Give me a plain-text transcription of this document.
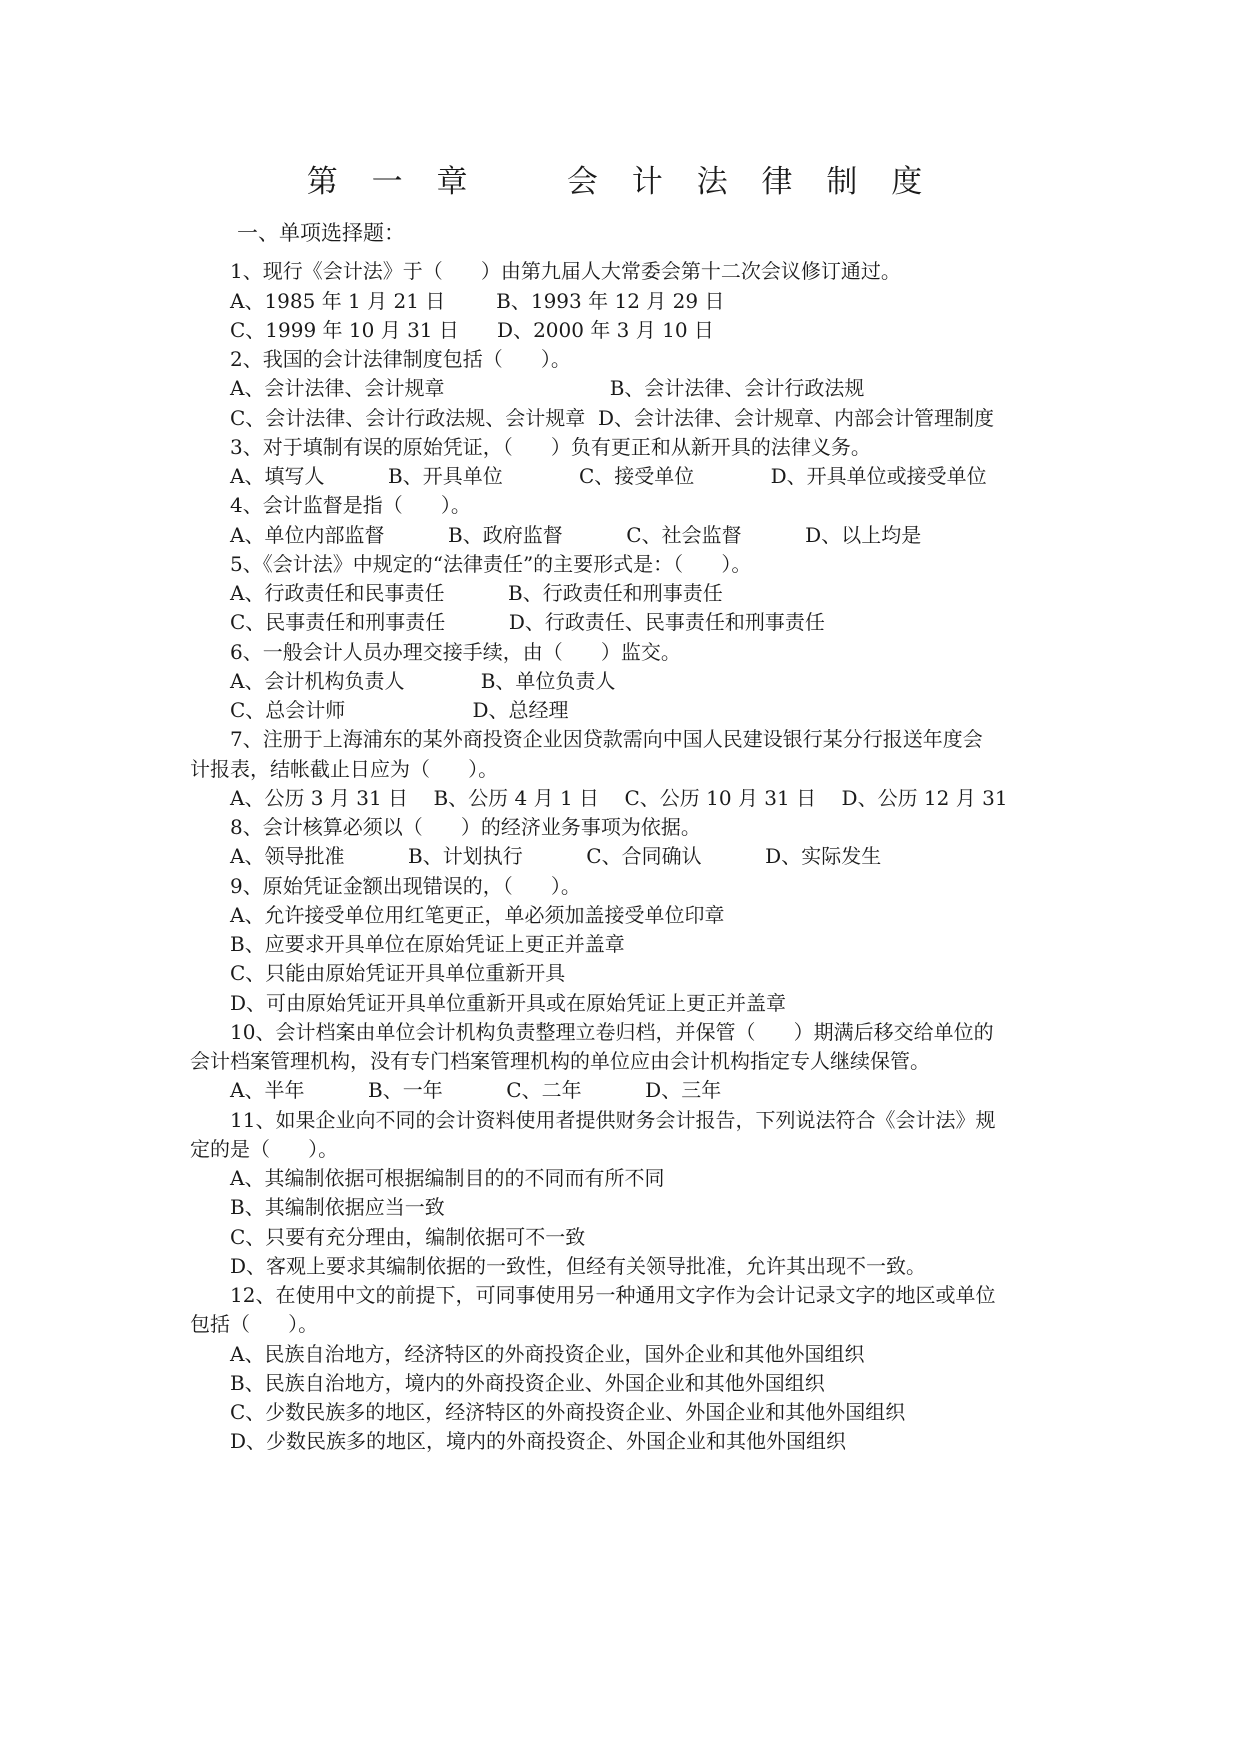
第 一 章    会 计 法 律 制 度
一、单项选择题：
1、现行《会计法》于（      ）由第九届人大常委会第十二次会议修订通过。
A、1985 年 1 月 21 日        B、1993 年 12 月 29 日
C、1999 年 10 月 31 日      D、2000 年 3 月 10 日
2、我国的会计法律制度包括（      ）。
A、会计法律、会计规章                          B、会计法律、会计行政法规
C、会计法律、会计行政法规、会计规章  D、会计法律、会计规章、内部会计管理制度
3、对于填制有误的原始凭证，（      ）负有更正和从新开具的法律义务。
A、填写人          B、开具单位            C、接受单位            D、开具单位或接受单位
4、会计监督是指（      ）。
A、单位内部监督          B、政府监督          C、社会监督          D、以上均是
5、《会计法》中规定的“法律责任”的主要形式是：（      ）。
A、行政责任和民事责任          B、行政责任和刑事责任
C、民事责任和刑事责任          D、行政责任、民事责任和刑事责任
6、一般会计人员办理交接手续，由（      ）监交。
A、会计机构负责人            B、单位负责人
C、总会计师                    D、总经理
7、注册于上海浦东的某外商投资企业因贷款需向中国人民建设银行某分行报送年度会
计报表，结帐截止日应为（      ）。
A、公历 3 月 31 日    B、公历 4 月 1 日    C、公历 10 月 31 日    D、公历 12 月 31
8、会计核算必须以（      ）的经济业务事项为依据。
A、领导批准          B、计划执行          C、合同确认          D、实际发生
9、原始凭证金额出现错误的，（      ）。
A、允许接受单位用红笔更正，单必须加盖接受单位印章
B、应要求开具单位在原始凭证上更正并盖章
C、只能由原始凭证开具单位重新开具
D、可由原始凭证开具单位重新开具或在原始凭证上更正并盖章
10、会计档案由单位会计机构负责整理立卷归档，并保管（      ）期满后移交给单位的
会计档案管理机构，没有专门档案管理机构的单位应由会计机构指定专人继续保管。
A、半年          B、一年          C、二年          D、三年
11、如果企业向不同的会计资料使用者提供财务会计报告，下列说法符合《会计法》规
定的是（      ）。
A、其编制依据可根据编制目的的不同而有所不同
B、其编制依据应当一致
C、只要有充分理由，编制依据可不一致
D、客观上要求其编制依据的一致性，但经有关领导批准，允许其出现不一致。
12、在使用中文的前提下，可同事使用另一种通用文字作为会计记录文字的地区或单位
包括（      ）。
A、民族自治地方，经济特区的外商投资企业，国外企业和其他外国组织
B、民族自治地方，境内的外商投资企业、外国企业和其他外国组织
C、少数民族多的地区，经济特区的外商投资企业、外国企业和其他外国组织
D、少数民族多的地区，境内的外商投资企、外国企业和其他外国组织
